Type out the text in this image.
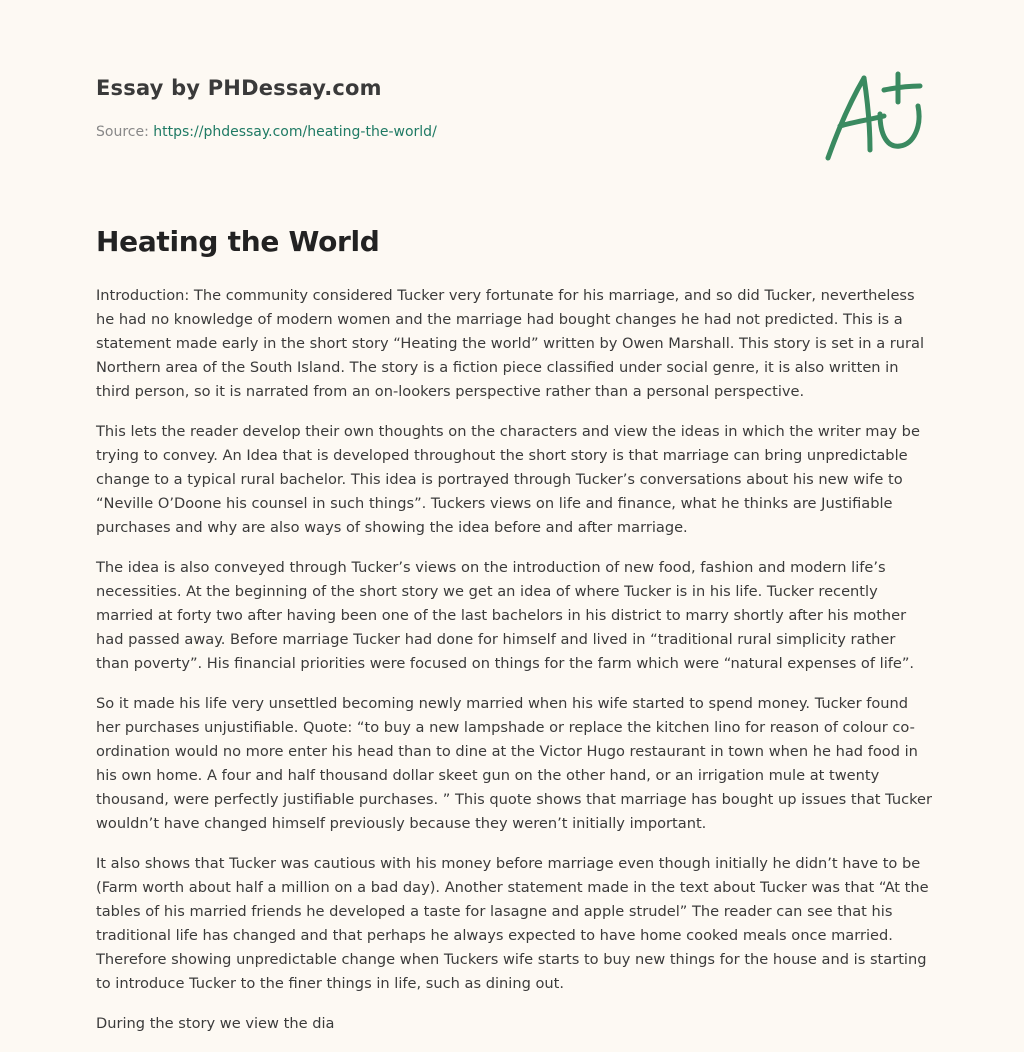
Essay by PHDessay.com

Source: https://phdessay.com/heating-the-world/

Heating the World

Introduction: The community considered Tucker very fortunate for his marriage, and so did Tucker, nevertheless he had no knowledge of modern women and the marriage had bought changes he had not predicted. This is a statement made early in the short story “Heating the world” written by Owen Marshall. This story is set in a rural Northern area of the South Island. The story is a fiction piece classified under social genre, it is also written in third person, so it is narrated from an on-lookers perspective rather than a personal perspective.

This lets the reader develop their own thoughts on the characters and view the ideas in which the writer may be trying to convey. An Idea that is developed throughout the short story is that marriage can bring unpredictable change to a typical rural bachelor. This idea is portrayed through Tucker’s conversations about his new wife to “Neville O’Doone his counsel in such things”. Tuckers views on life and finance, what he thinks are Justifiable purchases and why are also ways of showing the idea before and after marriage.

The idea is also conveyed through Tucker’s views on the introduction of new food, fashion and modern life’s necessities. At the beginning of the short story we get an idea of where Tucker is in his life. Tucker recently married at forty two after having been one of the last bachelors in his district to marry shortly after his mother had passed away. Before marriage Tucker had done for himself and lived in “traditional rural simplicity rather than poverty”. His financial priorities were focused on things for the farm which were “natural expenses of life”.

So it made his life very unsettled becoming newly married when his wife started to spend money. Tucker found her purchases unjustifiable. Quote: “to buy a new lampshade or replace the kitchen lino for reason of colour co-ordination would no more enter his head than to dine at the Victor Hugo restaurant in town when he had food in his own home. A four and half thousand dollar skeet gun on the other hand, or an irrigation mule at twenty thousand, were perfectly justifiable purchases. ” This quote shows that marriage has bought up issues that Tucker wouldn’t have changed himself previously because they weren’t initially important.

It also shows that Tucker was cautious with his money before marriage even though initially he didn’t have to be (Farm worth about half a million on a bad day). Another statement made in the text about Tucker was that “At the tables of his married friends he developed a taste for lasagne and apple strudel” The reader can see that his traditional life has changed and that perhaps he always expected to have home cooked meals once married. Therefore showing unpredictable change when Tuckers wife starts to buy new things for the house and is starting to introduce Tucker to the finer things in life, such as dining out.

During the story we view the dia
